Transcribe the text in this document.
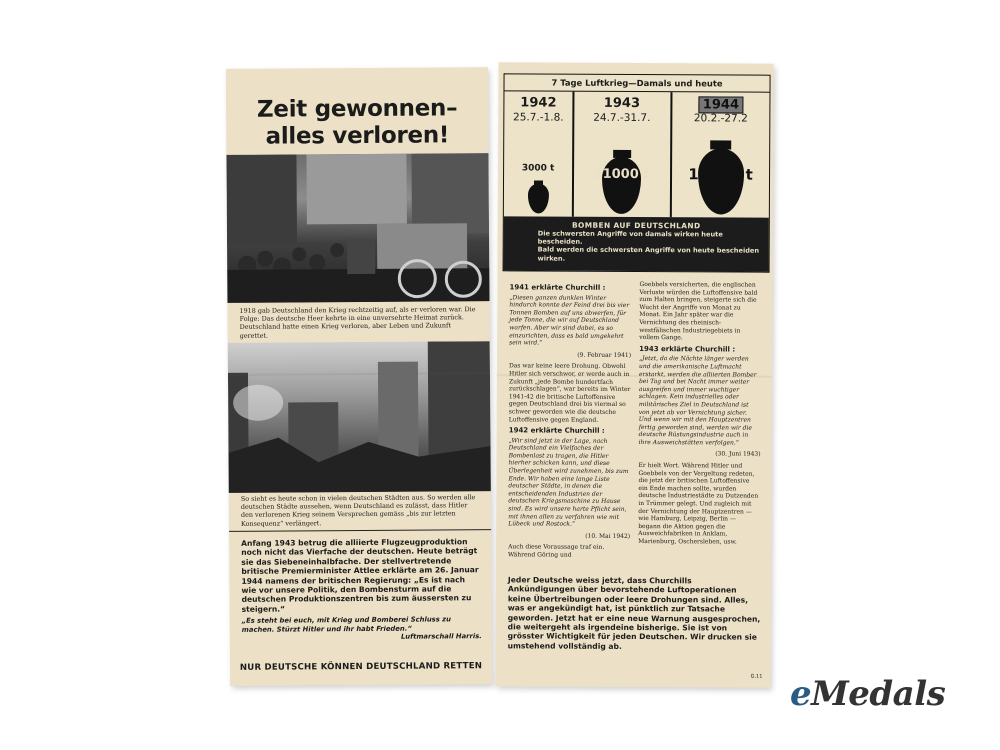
Zeit gewonnen–
alles verloren!
1918 gab Deutschland den Krieg rechtzeitig auf, als er verloren war. Die Folge: Das deutsche Heer kehrte in eine unversehrte Heimat zurück. Deutschland hatte einen Krieg verloren, aber Leben und Zukunft gerettet.
So sieht es heute schon in vielen deutschen Städten aus. So werden alle deutschen Städte aussehen, wenn Deutschland es zulässt, dass Hitler den verlorenen Krieg seinem Versprechen gemäss „bis zur letzten Konsequenz“ verlängert.
Anfang 1943 betrug die alliierte Flugzeugproduktion noch nicht das Vierfache der deutschen. Heute beträgt sie das Siebeneinhalbfache. Der stellvertretende britische Premierminister Attlee erklärte am 26. Januar 1944 namens der britischen Regierung: „Es ist nach wie vor unsere Politik, den Bombensturm auf die deutschen Produktionszentren bis zum äussersten zu steigern.“
„Es steht bei euch, mit Krieg und Bomberei Schluss zu machen. Stürzt Hitler und ihr habt Frieden.“
Luftmarschall Harris.
NUR DEUTSCHE KÖNNEN DEUTSCHLAND RETTEN
7 Tage Luftkrieg—Damals und heute
1942
25.7.-1.8.
3000 t
1943
24.7.-31.7.
11000 t
1944
20.2.-27.2
15000 t
BOMBEN AUF DEUTSCHLAND
Die schwersten Angriffe von damals wirken heute bescheiden.
Bald werden die schwersten Angriffe von heute bescheiden wirken.
1941 erklärte Churchill :

„Diesen ganzen dunklen Winter hindurch konnte der Feind drei bis vier Tonnen Bomben auf uns abwerfen, für jede Tonne, die wir auf Deutschland warfen. Aber wir sind dabei, es so einzurichten, dass es bald umgekehrt sein wird.“

(9. Februar 1941)

Das war keine leere Drohung. Obwohl Hitler sich verschwor, er werde auch in Zukunft „jede Bombe hundertfach zurückschlagen“, war bereits im Winter 1941-42 die britische Luftoffensive gegen Deutschland drei bis viermal so schwer geworden wie die deutsche Luftoffensive gegen England.

1942 erklärte Churchill :

„Wir sind jetzt in der Lage, nach Deutschland ein Vielfaches der Bombenlast zu tragen, die Hitler hierher schicken kann, und diese Überlegenheit wird zunehmen, bis zum Ende. Wir haben eine lange Liste deutscher Städte, in denen die entscheidenden Industrien der deutschen Kriegsmaschine zu Hause sind. Es wird unsere harte Pflicht sein, mit ihnen allen zu verfahren wie mit Lübeck und Rostock.“

(10. Mai 1942)

Auch diese Voraussage traf ein. Während Göring und

Goebbels versicherten, die englischen Verluste würden die Luftoffensive bald zum Halten bringen, steigerte sich die Wucht der Angriffe von Monat zu Monat. Ein Jahr später war die Vernichtung des rheinisch-westfälischen Industriegebiets in vollem Gange.

1943 erklärte Churchill :

„Jetzt, da die Nächte länger werden und die amerikanische Luftmacht erstarkt, werden die alliierten Bomber bei Tag und bei Nacht immer weiter ausgreifen und immer wuchtiger schlagen. Kein industrielles oder militärisches Ziel in Deutschland ist von jetzt ab vor Vernichtung sicher. Und wenn wir mit den Hauptzentren fertig geworden sind, werden wir die deutsche Rüstungsindustrie auch in ihre Ausweichstätten verfolgen.“

(30. Juni 1943)

Er hielt Wort. Während Hitler und Goebbels von der Vergeltung redeten, die jetzt der britischen Luftoffensive ein Ende machen sollte, wurden deutsche Industriestädte zu Dutzenden in Trümmer gelegt. Und zugleich mit der Vernichtung der Hauptzentren — wie Hamburg, Leipzig, Berlin — begann die Aktion gegen die Ausweichfabriken in Anklam, Marienburg, Oschersleben, usw.

Jeder Deutsche weiss jetzt, dass Churchills Ankündigungen über bevorstehende Luftoperationen keine Übertreibungen oder leere Drohungen sind. Alles, was er angekündigt hat, ist pünktlich zur Tatsache geworden. Jetzt hat er eine neue Warnung ausgesprochen, die weitergeht als irgendeine bisherige. Sie ist von grösster Wichtigkeit für jeden Deutschen. Wir drucken sie umstehend vollständig ab.
G.11 eMedals
